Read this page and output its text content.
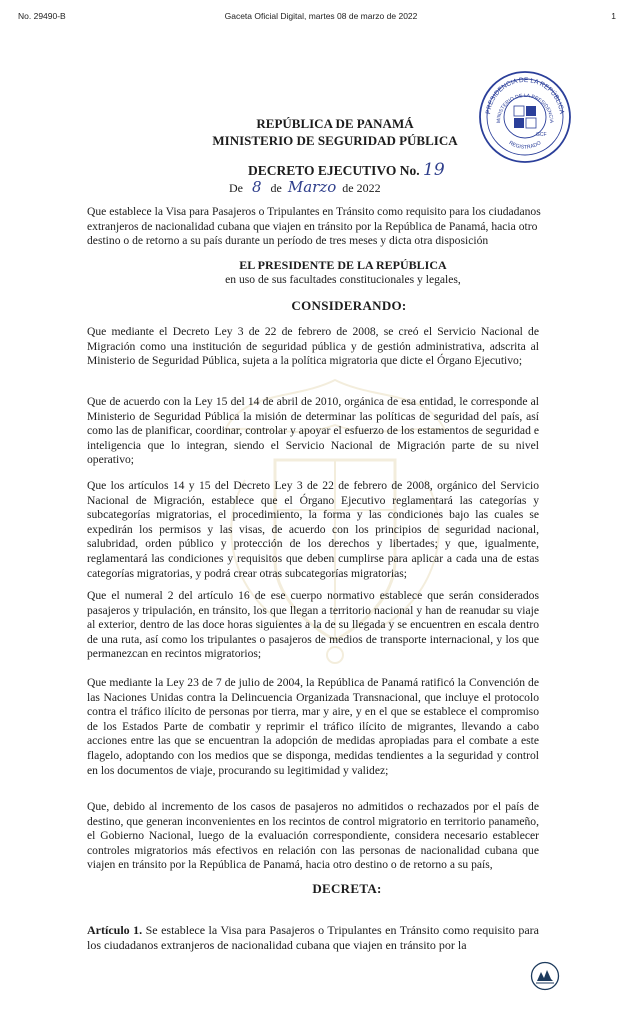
No. 29490-B	Gaceta Oficial Digital, martes 08 de marzo de 2022	1
PRESIDENCIA DE LA REPÚBLICA
MINISTERIO DE LA PRESIDENCIA
REGISTRADO
GCF
REPÚBLICA DE PANAMÁ
MINISTERIO DE SEGURIDAD PÚBLICA
DECRETO EJECUTIVO No. 19
De 8 de Marzo de 2022
Que establece la Visa para Pasajeros o Tripulantes en Tránsito como requisito para los ciudadanos extranjeros de nacionalidad cubana que viajen en tránsito por la República de Panamá, hacia otro destino o de retorno a su país durante un período de tres meses y dicta otra disposición
EL PRESIDENTE DE LA REPÚBLICA
en uso de sus facultades constitucionales y legales,
CONSIDERANDO:
Que mediante el Decreto Ley 3 de 22 de febrero de 2008, se creó el Servicio Nacional de Migración como una institución de seguridad pública y de gestión administrativa, adscrita al Ministerio de Seguridad Pública, sujeta a la política migratoria que dicte el Órgano Ejecutivo;
Que de acuerdo con la Ley 15 del 14 de abril de 2010, orgánica de esa entidad, le corresponde al Ministerio de Seguridad Pública la misión de determinar las políticas de seguridad del país, así como las de planificar, coordinar, controlar y apoyar el esfuerzo de los estamentos de seguridad e inteligencia que lo integran, siendo el Servicio Nacional de Migración parte de su nivel operativo;
Que los artículos 14 y 15 del Decreto Ley 3 de 22 de febrero de 2008, orgánico del Servicio Nacional de Migración, establece que el Órgano Ejecutivo reglamentará las categorías y subcategorías migratorias, el procedimiento, la forma y las condiciones bajo las cuales se expedirán los permisos y las visas, de acuerdo con los principios de seguridad nacional, salubridad, orden público y protección de los derechos y libertades; y que, igualmente, reglamentará las condiciones y requisitos que deben cumplirse para aplicar a cada una de estas categorías migratorias, y podrá crear otras subcategorías migratorias;
Que el numeral 2 del artículo 16 de ese cuerpo normativo establece que serán considerados pasajeros y tripulación, en tránsito, los que llegan a territorio nacional y han de reanudar su viaje al exterior, dentro de las doce horas siguientes a la de su llegada y se encuentren en escala dentro de una ruta, así como los tripulantes o pasajeros de medios de transporte internacional, y los que permanezcan en recintos migratorios;
Que mediante la Ley 23 de 7 de julio de 2004, la República de Panamá ratificó la Convención de las Naciones Unidas contra la Delincuencia Organizada Transnacional, que incluye el protocolo contra el tráfico ilícito de personas por tierra, mar y aire, y en el que se establece el compromiso de los Estados Parte de combatir y reprimir el tráfico ilícito de migrantes, llevando a cabo acciones entre las que se encuentran la adopción de medidas apropiadas para el combate a este flagelo, adoptando con los medios que se disponga, medidas tendientes a la seguridad y control en los documentos de viaje, procurando su legitimidad y validez;
Que, debido al incremento de los casos de pasajeros no admitidos o rechazados por el país de destino, que generan inconvenientes en los recintos de control migratorio en territorio panameño, el Gobierno Nacional, luego de la evaluación correspondiente, considera necesario establecer controles migratorios más efectivos en relación con las personas de nacionalidad cubana que viajen en tránsito por la República de Panamá, hacia otro destino o de retorno a su país,
DECRETA:
Artículo 1. Se establece la Visa para Pasajeros o Tripulantes en Tránsito como requisito para los ciudadanos extranjeros de nacionalidad cubana que viajen en tránsito por la
